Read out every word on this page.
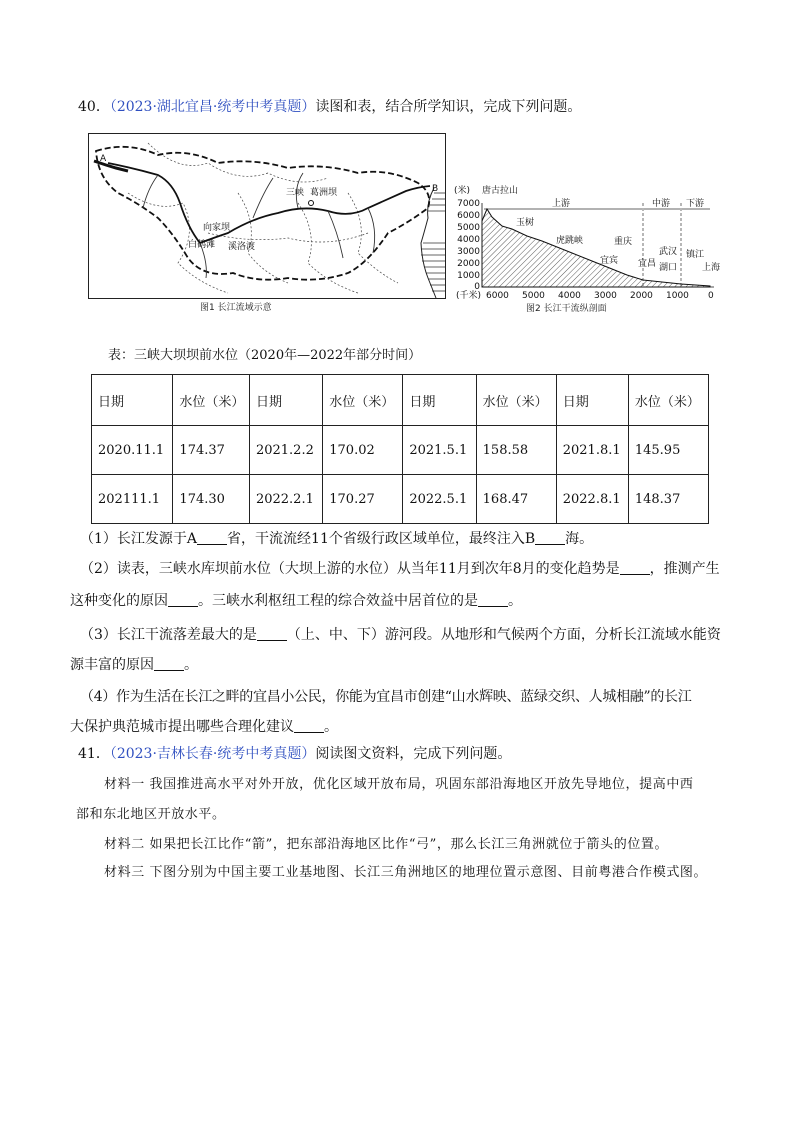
40．（2023·湖北宜昌·统考中考真题）读图和表，结合所学知识，完成下列问题。
A
B
三峡 葛洲坝
向家坝
白鹤滩 溪洛渡
图1 长江流域示意
(米) 唐古拉山
7000
6000
5000
4000
3000
2000
1000
0
上游	中游 下游
玉树
虎跳峡	重庆
宜宾 宜昌
武汉
湖口
镇江
上海
(千米) 6000 5000 4000 3000 2000 1000 0
图2 长江干流纵剖面
表：三峡大坝坝前水位（2020年—2022年部分时间）
日期	水位（米）	日期	水位（米）	日期	水位（米）	日期	水位（米）
2020.11.1	174.37	2021.2.2	170.02	2021.5.1	158.58	2021.8.1	145.95
202111.1	174.30	2022.2.1	170.27	2022.5.1	168.47	2022.8.1	148.37
（1）长江发源于A 省，干流流经11个省级行政区域单位，最终注入B 海。
（2）读表，三峡水库坝前水位（大坝上游的水位）从当年11月到次年8月的变化趋势是 ，推测产生
这种变化的原因 。三峡水利枢纽工程的综合效益中居首位的是 。
（3）长江干流落差最大的是 （上、中、下）游河段。从地形和气候两个方面，分析长江流域水能资
源丰富的原因 。
（4）作为生活在长江之畔的宜昌小公民，你能为宜昌市创建“山水辉映、蓝绿交织、人城相融”的长江
大保护典范城市提出哪些合理化建议 。
41．（2023·吉林长春·统考中考真题）阅读图文资料，完成下列问题。
材料一 我国推进高水平对外开放，优化区域开放布局，巩固东部沿海地区开放先导地位，提高中西
部和东北地区开放水平。
材料二 如果把长江比作“箭”，把东部沿海地区比作“弓”，那么长江三角洲就位于箭头的位置。
材料三 下图分别为中国主要工业基地图、长江三角洲地区的地理位置示意图、目前粤港合作模式图。
